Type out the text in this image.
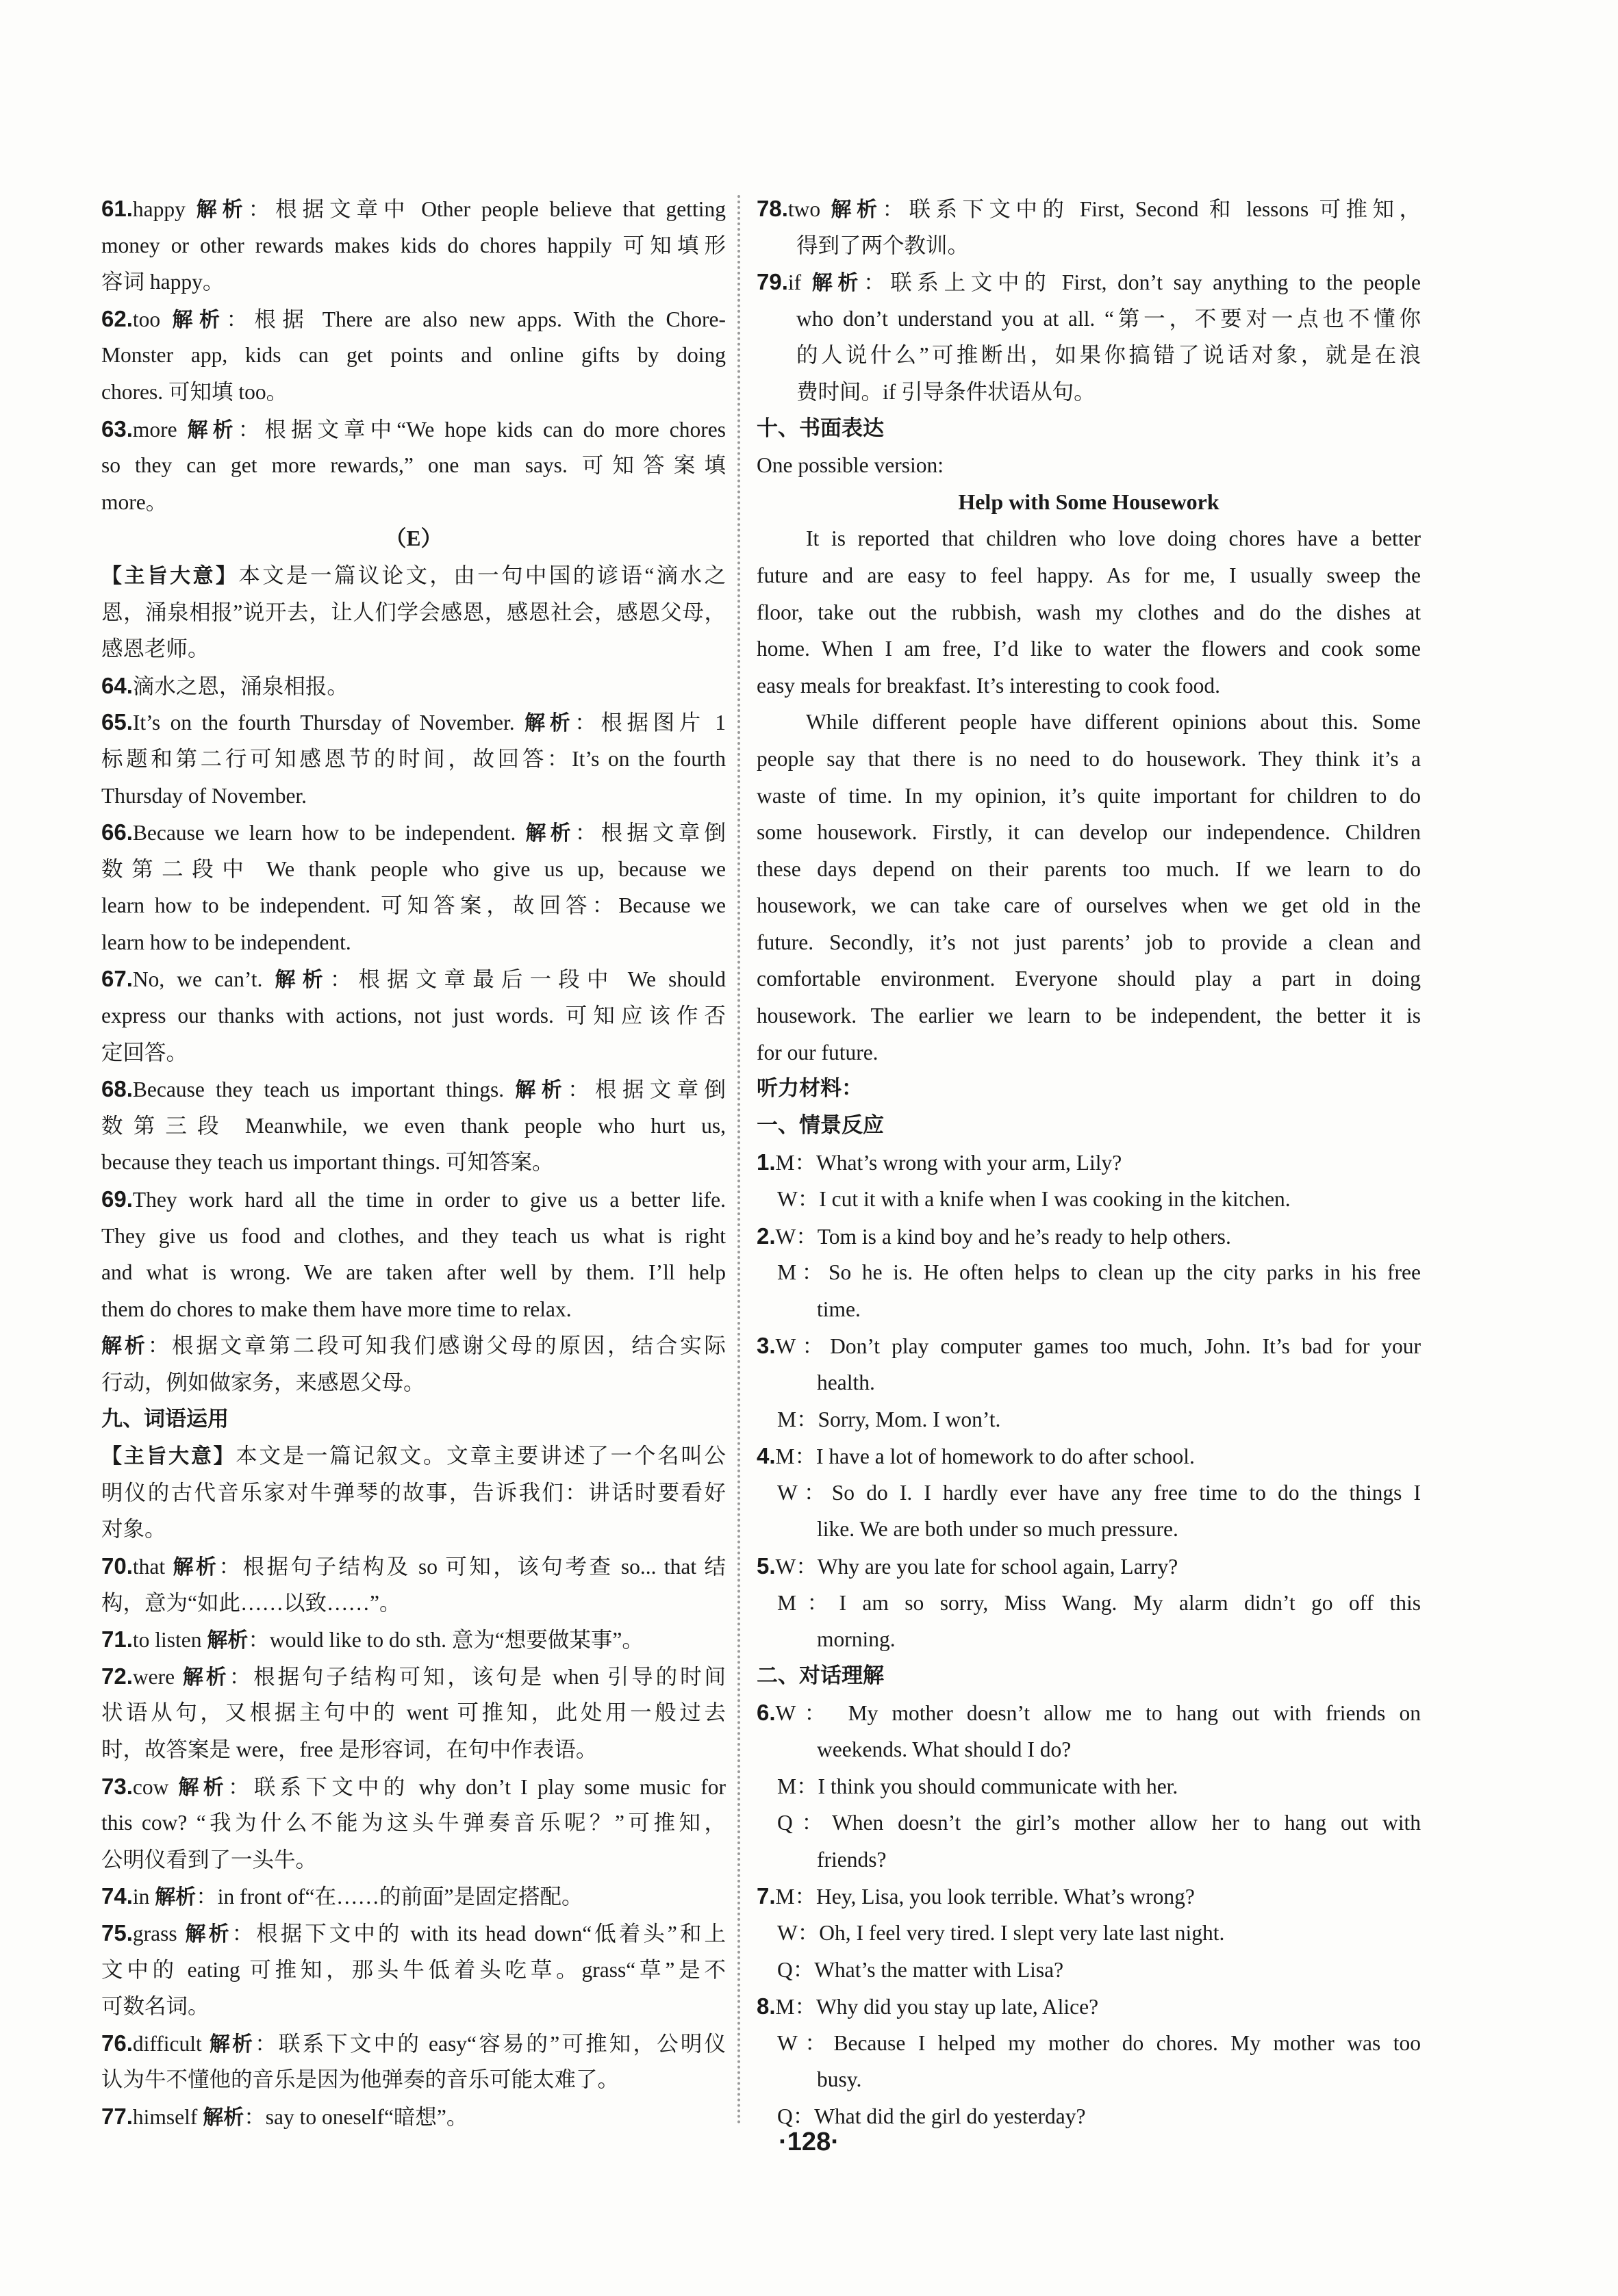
61.happy 解析：根据文章中 Other people believe that getting
money or other rewards makes kids do chores happily 可知填形
容词 happy。
62.too 解析：根据 There are also new apps. With the Chore-
Monster app, kids can get points and online gifts by doing
chores. 可知填 too。
63.more 解析：根据文章中“We hope kids can do more chores
so they can get more rewards,” one man says. 可知答案填
more。
（E）
【主旨大意】本文是一篇议论文，由一句中国的谚语“滴水之
恩，涌泉相报”说开去，让人们学会感恩，感恩社会，感恩父母，
感恩老师。
64.滴水之恩，涌泉相报。
65.It’s on the fourth Thursday of November. 解析：根据图片 1
标题和第二行可知感恩节的时间，故回答：It’s on the fourth
Thursday of November.
66.Because we learn how to be independent. 解析：根据文章倒
数第二段中 We thank people who give us up, because we
learn how to be independent. 可知答案，故回答：Because we
learn how to be independent.
67.No, we can’t. 解析：根据文章最后一段中 We should
express our thanks with actions, not just words. 可知应该作否
定回答。
68.Because they teach us important things. 解析：根据文章倒
数第三段 Meanwhile, we even thank people who hurt us,
because they teach us important things. 可知答案。
69.They work hard all the time in order to give us a better life.
They give us food and clothes, and they teach us what is right
and what is wrong. We are taken after well by them. I’ll help
them do chores to make them have more time to relax.
解析：根据文章第二段可知我们感谢父母的原因，结合实际
行动，例如做家务，来感恩父母。
九、词语运用
【主旨大意】本文是一篇记叙文。文章主要讲述了一个名叫公
明仪的古代音乐家对牛弹琴的故事，告诉我们：讲话时要看好
对象。
70.that 解析：根据句子结构及 so 可知，该句考查 so... that 结
构，意为“如此……以致……”。
71.to listen 解析：would like to do sth. 意为“想要做某事”。
72.were 解析：根据句子结构可知，该句是 when 引导的时间
状语从句，又根据主句中的 went 可推知，此处用一般过去
时，故答案是 were，free 是形容词，在句中作表语。
73.cow 解析：联系下文中的 why don’t I play some music for
this cow? “我为什么不能为这头牛弹奏音乐呢？”可推知，
公明仪看到了一头牛。
74.in 解析：in front of“在……的前面”是固定搭配。
75.grass 解析：根据下文中的 with its head down“低着头”和上
文中的 eating 可推知，那头牛低着头吃草。grass“草”是不
可数名词。
76.difficult 解析：联系下文中的 easy“容易的”可推知，公明仪
认为牛不懂他的音乐是因为他弹奏的音乐可能太难了。
77.himself 解析：say to oneself“暗想”。
78.two 解析：联系下文中的 First, Second 和 lessons 可推知，
得到了两个教训。
79.if 解析：联系上文中的 First, don’t say anything to the people
who don’t understand you at all. “第一，不要对一点也不懂你
的人说什么”可推断出，如果你搞错了说话对象，就是在浪
费时间。if 引导条件状语从句。
十、书面表达
One possible version:
Help with Some Housework
It is reported that children who love doing chores have a better
future and are easy to feel happy. As for me, I usually sweep the
floor, take out the rubbish, wash my clothes and do the dishes at
home. When I am free, I’d like to water the flowers and cook some
easy meals for breakfast. It’s interesting to cook food.
While different people have different opinions about this. Some
people say that there is no need to do housework. They think it’s a
waste of time. In my opinion, it’s quite important for children to do
some housework. Firstly, it can develop our independence. Children
these days depend on their parents too much. If we learn to do
housework, we can take care of ourselves when we get old in the
future. Secondly, it’s not just parents’ job to provide a clean and
comfortable environment. Everyone should play a part in doing
housework. The earlier we learn to be independent, the better it is
for our future.
听力材料：
一、情景反应
1.M：What’s wrong with your arm, Lily?
W：I cut it with a knife when I was cooking in the kitchen.
2.W：Tom is a kind boy and he’s ready to help others.
M：So he is. He often helps to clean up the city parks in his free
time.
3.W：Don’t play computer games too much, John. It’s bad for your
health.
M：Sorry, Mom. I won’t.
4.M：I have a lot of homework to do after school.
W：So do I. I hardly ever have any free time to do the things I
like. We are both under so much pressure.
5.W：Why are you late for school again, Larry?
M：I am so sorry, Miss Wang. My alarm didn’t go off this
morning.
二、对话理解
6.W： My mother doesn’t allow me to hang out with friends on
weekends. What should I do?
M：I think you should communicate with her.
Q：When doesn’t the girl’s mother allow her to hang out with
friends?
7.M：Hey, Lisa, you look terrible. What’s wrong?
W：Oh, I feel very tired. I slept very late last night.
Q：What’s the matter with Lisa?
8.M：Why did you stay up late, Alice?
W：Because I helped my mother do chores. My mother was too
busy.
Q：What did the girl do yesterday?
·128·
